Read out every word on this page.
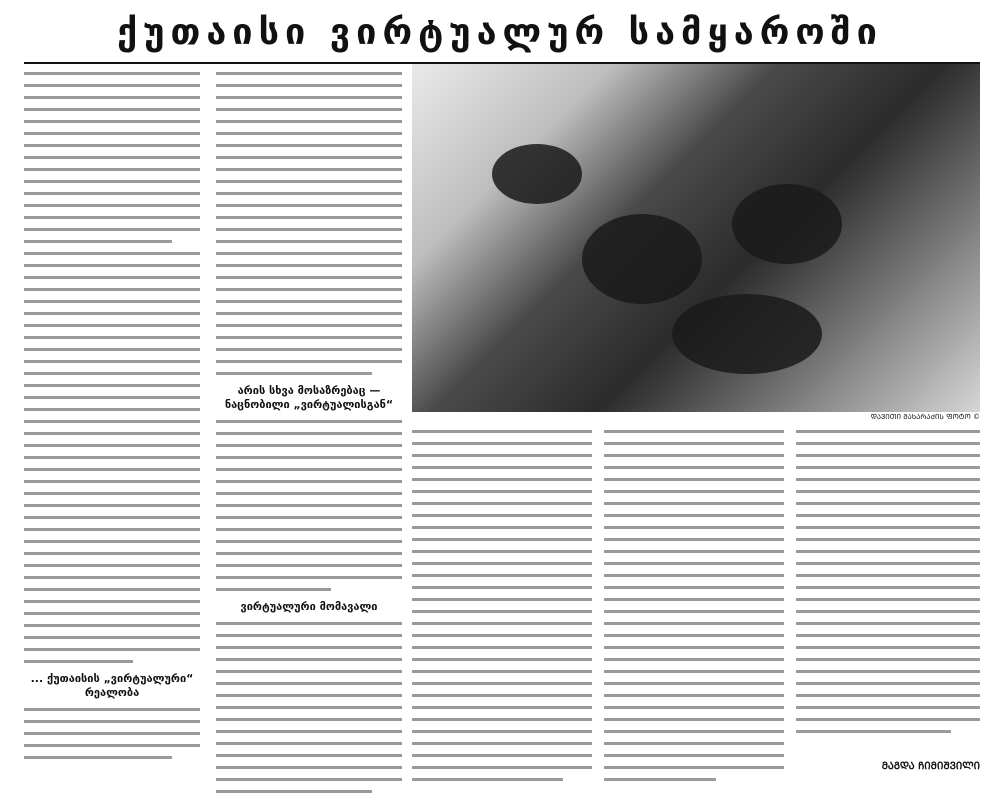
ქუთაისი ვირტუალურ სამყაროში
... ქუთაისის „ვირტუალური“ რეალობა
არის სხვა მოსაზრებაც — ნაცნობილი „ვირტუალისგან“
ვირტუალური მომავალი
ᲓᲐᲕᲘᲗᲘ ᲛᲐᲮᲐᲠᲐᲫᲘᲡ ᲤᲝᲢᲝ ©
ᲛᲐᲒᲓᲐ ᲩᲘᲛᲘᲨᲕᲘᲚᲘ
